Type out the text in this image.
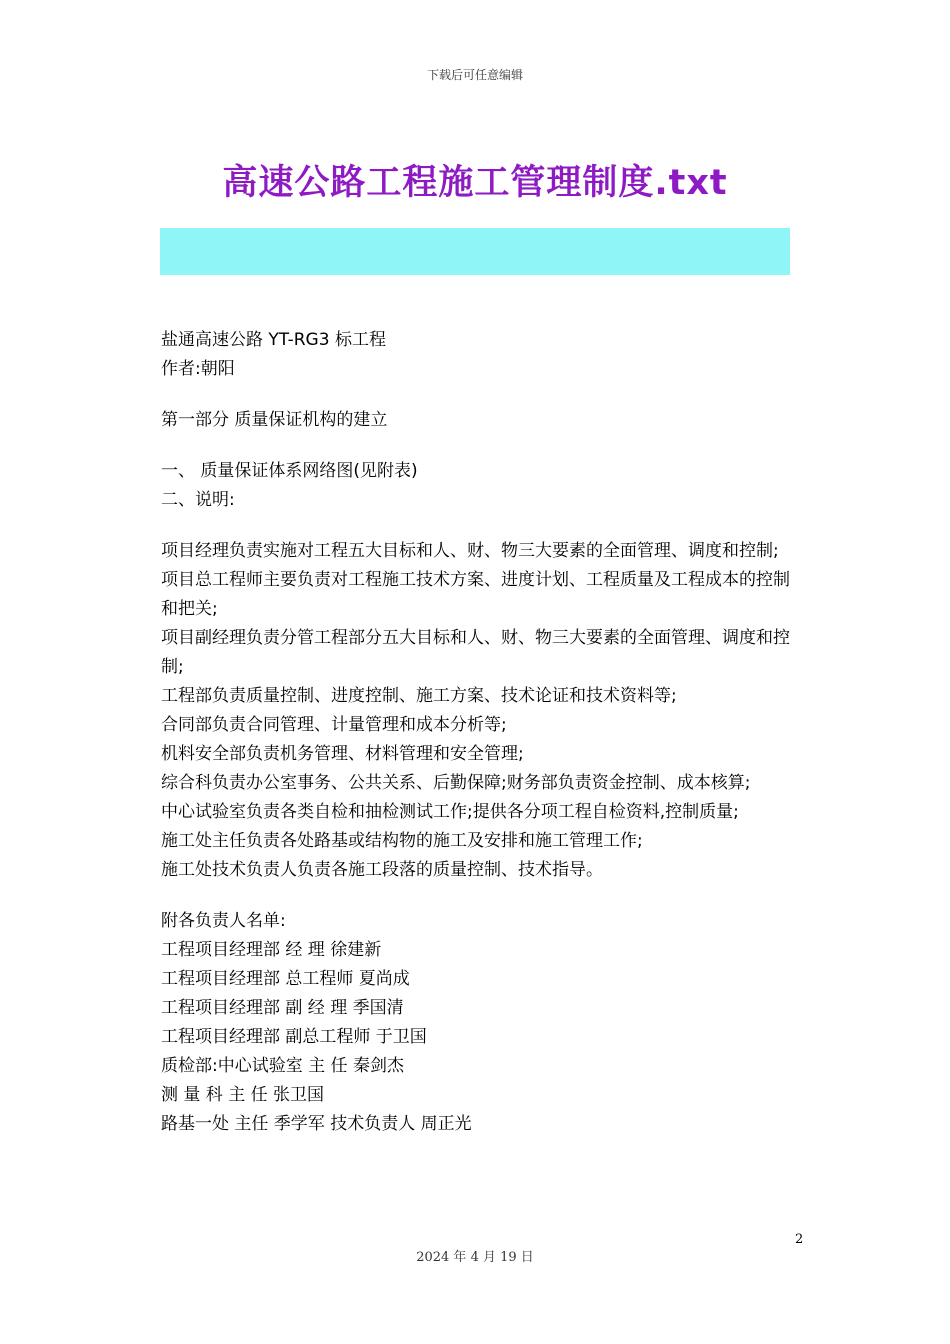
下载后可任意编辑
高速公路工程施工管理制度.txt

盐通高速公路 YT-RG3 标工程

作者:朝阳

第一部分 质量保证机构的建立

一、 质量保证体系网络图(见附表)

二、说明:

项目经理负责实施对工程五大目标和人、财、物三大要素的全面管理、调度和控制;

项目总工程师主要负责对工程施工技术方案、进度计划、工程质量及工程成本的控制和把关;

项目副经理负责分管工程部分五大目标和人、财、物三大要素的全面管理、调度和控制;

工程部负责质量控制、进度控制、施工方案、技术论证和技术资料等;

合同部负责合同管理、计量管理和成本分析等;

机料安全部负责机务管理、材料管理和安全管理;

综合科负责办公室事务、公共关系、后勤保障;财务部负责资金控制、成本核算;

中心试验室负责各类自检和抽检测试工作;提供各分项工程自检资料,控制质量;

施工处主任负责各处路基或结构物的施工及安排和施工管理工作;

施工处技术负责人负责各施工段落的质量控制、技术指导。

附各负责人名单:

工程项目经理部 经 理 徐建新

工程项目经理部 总工程师 夏尚成

工程项目经理部 副 经 理 季国清

工程项目经理部 副总工程师 于卫国

质检部:中心试验室 主 任 秦剑杰

测 量 科 主 任 张卫国

路基一处 主任 季学军 技术负责人 周正光

2
2024 年 4 月 19 日
